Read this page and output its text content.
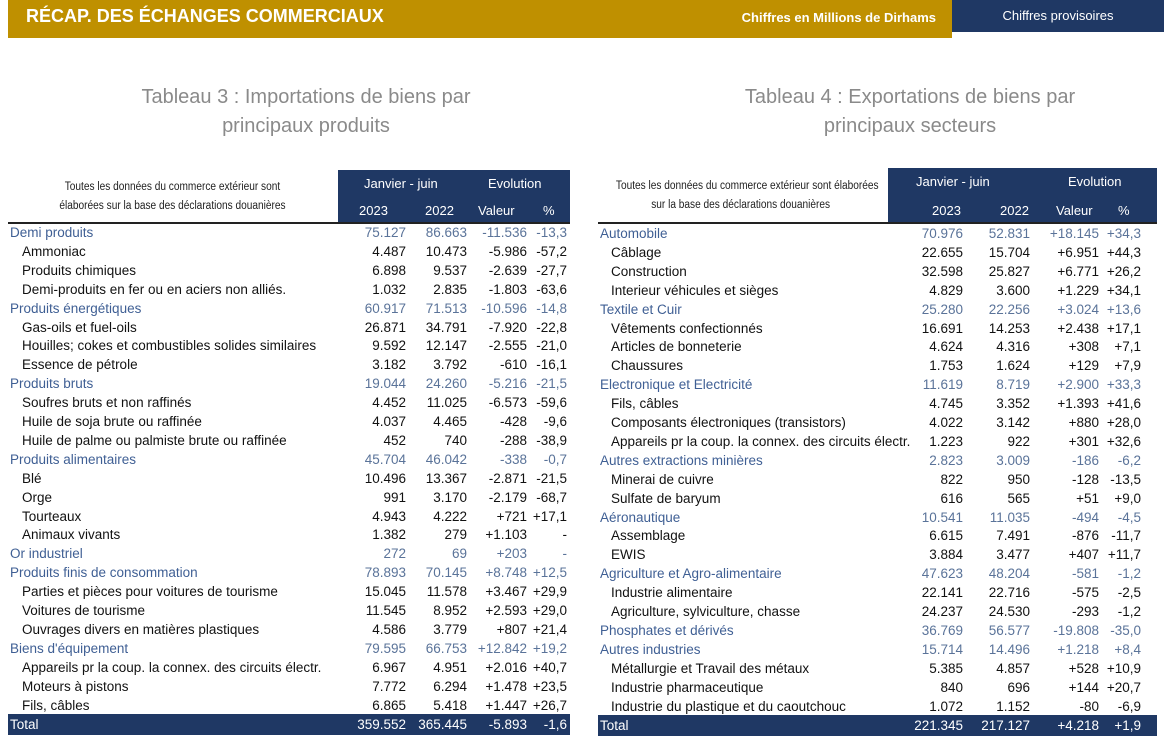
RÉCAP. DES ÉCHANGES COMMERCIAUX	Chiffres en Millions de Dirhams	Chiffres provisoires
Tableau 3 : Importations de biens par
principaux produits
Toutes les données du commerce extérieur sont
élaborées sur la base des déclarations douanières
Janvier - juin	Evolution
2023	2022 Valeur %
Demi produits	75.127 86.663 -11.536 -13,3
Ammoniac	4.487 10.473 -5.986 -57,2
Produits chimiques	6.898 9.537 -2.639 -27,7
Demi-produits en fer ou en aciers non alliés.	1.032 2.835 -1.803 -63,6
Produits énergétiques	60.917 71.513 -10.596 -14,8
Gas-oils et fuel-oils	26.871 34.791 -7.920 -22,8
Houilles; cokes et combustibles solides similaires	9.592 12.147 -2.555 -21,0
Essence de pétrole	3.182 3.792 -610 -16,1
Produits bruts	19.044 24.260 -5.216 -21,5
Soufres bruts et non raffinés	4.452 11.025 -6.573 -59,6
Huile de soja brute ou raffinée	4.037 4.465 -428 -9,6
Huile de palme ou palmiste brute ou raffinée	452	740 -288 -38,9
Produits alimentaires	45.704 46.042 -338 -0,7
Blé	10.496 13.367 -2.871 -21,5
Orge	991 3.170 -2.179 -68,7
Tourteaux	4.943 4.222 +721 +17,1
Animaux vivants	1.382	279 +1.103	-
Or industriel	272	69 +203	-
Produits finis de consommation	78.893 70.145 +8.748 +12,5
Parties et pièces pour voitures de tourisme	15.045 11.578 +3.467 +29,9
Voitures de tourisme	11.545 8.952 +2.593 +29,0
Ouvrages divers en matières plastiques	4.586 3.779 +807 +21,4
Biens d'équipement	79.595 66.753 +12.842 +19,2
Appareils pr la coup. la connex. des circuits électr.	6.967 4.951 +2.016 +40,7
Moteurs à pistons	7.772 6.294 +1.478 +23,5
Fils, câbles	6.865 5.418 +1.447 +26,7
Total	359.552 365.445 -5.893 -1,6
Tableau 4 : Exportations de biens par
principaux secteurs
Toutes les données du commerce extérieur sont élaborées
sur la base des déclarations douanières
Janvier - juin	Evolution
2023	2022 Valeur %
Automobile	70.976 52.831 +18.145 +34,3
Câblage	22.655 15.704 +6.951 +44,3
Construction	32.598 25.827 +6.771 +26,2
Interieur véhicules et sièges	4.829 3.600 +1.229 +34,1
Textile et Cuir	25.280 22.256 +3.024 +13,6
Vêtements confectionnés	16.691 14.253 +2.438 +17,1
Articles de bonneterie	4.624 4.316	+308 +7,1
Chaussures	1.753 1.624	+129 +7,9
Electronique et Electricité	11.619 8.719 +2.900 +33,3
Fils, câbles	4.745 3.352 +1.393 +41,6
Composants électroniques (transistors)	4.022 3.142	+880 +28,0
Appareils pr la coup. la connex. des circuits électr. 1.223	922	+301 +32,6
Autres extractions minières	2.823 3.009	-186 -6,2
Minerai de cuivre	822	950	-128 -13,5
Sulfate de baryum	616	565	+51 +9,0
Aéronautique	10.541 11.035	-494 -4,5
Assemblage	6.615 7.491	-876 -11,7
EWIS	3.884 3.477	+407 +11,7
Agriculture et Agro-alimentaire	47.623 48.204	-581 -1,2
Industrie alimentaire	22.141 22.716	-575 -2,5
Agriculture, sylviculture, chasse	24.237 24.530	-293 -1,2
Phosphates et dérivés	36.769 56.577 -19.808 -35,0
Autres industries	15.714 14.496 +1.218 +8,4
Métallurgie et Travail des métaux	5.385 4.857	+528 +10,9
Industrie pharmaceutique	840	696	+144 +20,7
Industrie du plastique et du caoutchouc	1.072 1.152	-80 -6,9
Total	221.345 217.127 +4.218 +1,9
